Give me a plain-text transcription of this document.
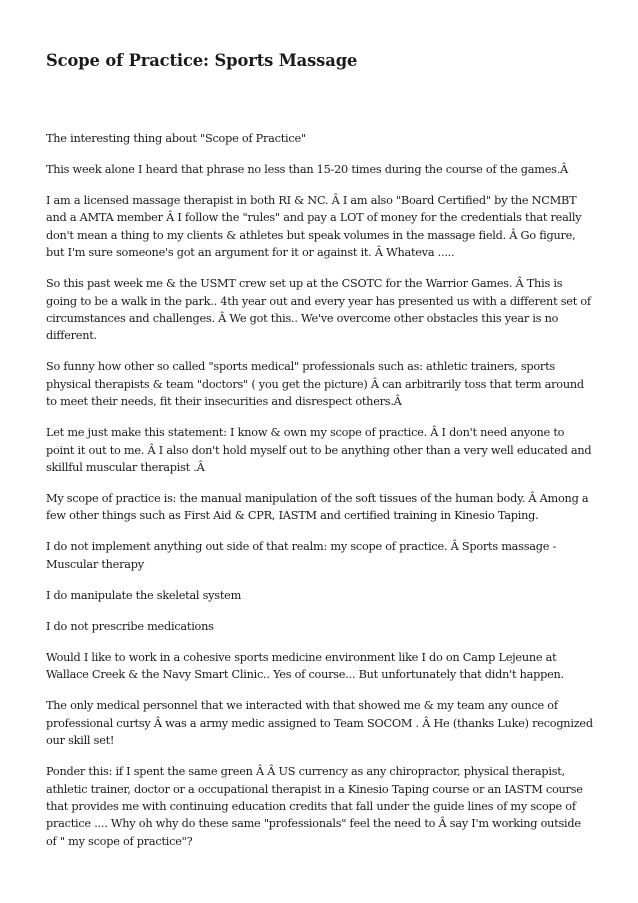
Scope of Practice: Sports Massage

The interesting thing about "Scope of Practice"

This week alone I heard that phrase no less than 15-20 times during the course of the games.Â

I am a licensed massage therapist in both RI & NC. Â I am also "Board Certified" by the NCMBT and a AMTA member Â I follow the "rules" and pay a LOT of money for the credentials that really don't mean a thing to my clients & athletes but speak volumes in the massage field. Â Go figure, but I'm sure someone's got an argument for it or against it. Â Whateva .....

So this past week me & the USMT crew set up at the CSOTC for the Warrior Games. Â This is going to be a walk in the park.. 4th year out and every year has presented us with a different set of circumstances and challenges. Â We got this.. We've overcome other obstacles this year is no different.

So funny how other so called "sports medical" professionals such as: athletic trainers, sports physical therapists & team "doctors" ( you get the picture) Â can arbitrarily toss that term around to meet their needs, fit their insecurities and disrespect others.Â

Let me just make this statement: I know & own my scope of practice. Â I don't need anyone to point it out to me. Â I also don't hold myself out to be anything other than a very well educated and skillful muscular therapist .Â

My scope of practice is: the manual manipulation of the soft tissues of the human body. Â Among a few other things such as First Aid & CPR, IASTM and certified training in Kinesio Taping.

I do not implement anything out side of that realm: my scope of practice. Â Sports massage - Muscular therapy

I do manipulate the skeletal system

I do not prescribe medications

Would I like to work in a cohesive sports medicine environment like I do on Camp Lejeune at Wallace Creek & the Navy Smart Clinic.. Yes of course... But unfortunately that didn't happen.

The only medical personnel that we interacted with that showed me & my team any ounce of professional curtsy Â was a army medic assigned to Team SOCOM . Â He (thanks Luke) recognized our skill set!

Ponder this: if I spent the same green Â Â US currency as any chiropractor, physical therapist, athletic trainer, doctor or a occupational therapist in a Kinesio Taping course or an IASTM course that provides me with continuing education credits that fall under the guide lines of my scope of practice .... Why oh why do these same "professionals" feel the need to Â say I'm working outside of " my scope of practice"?
